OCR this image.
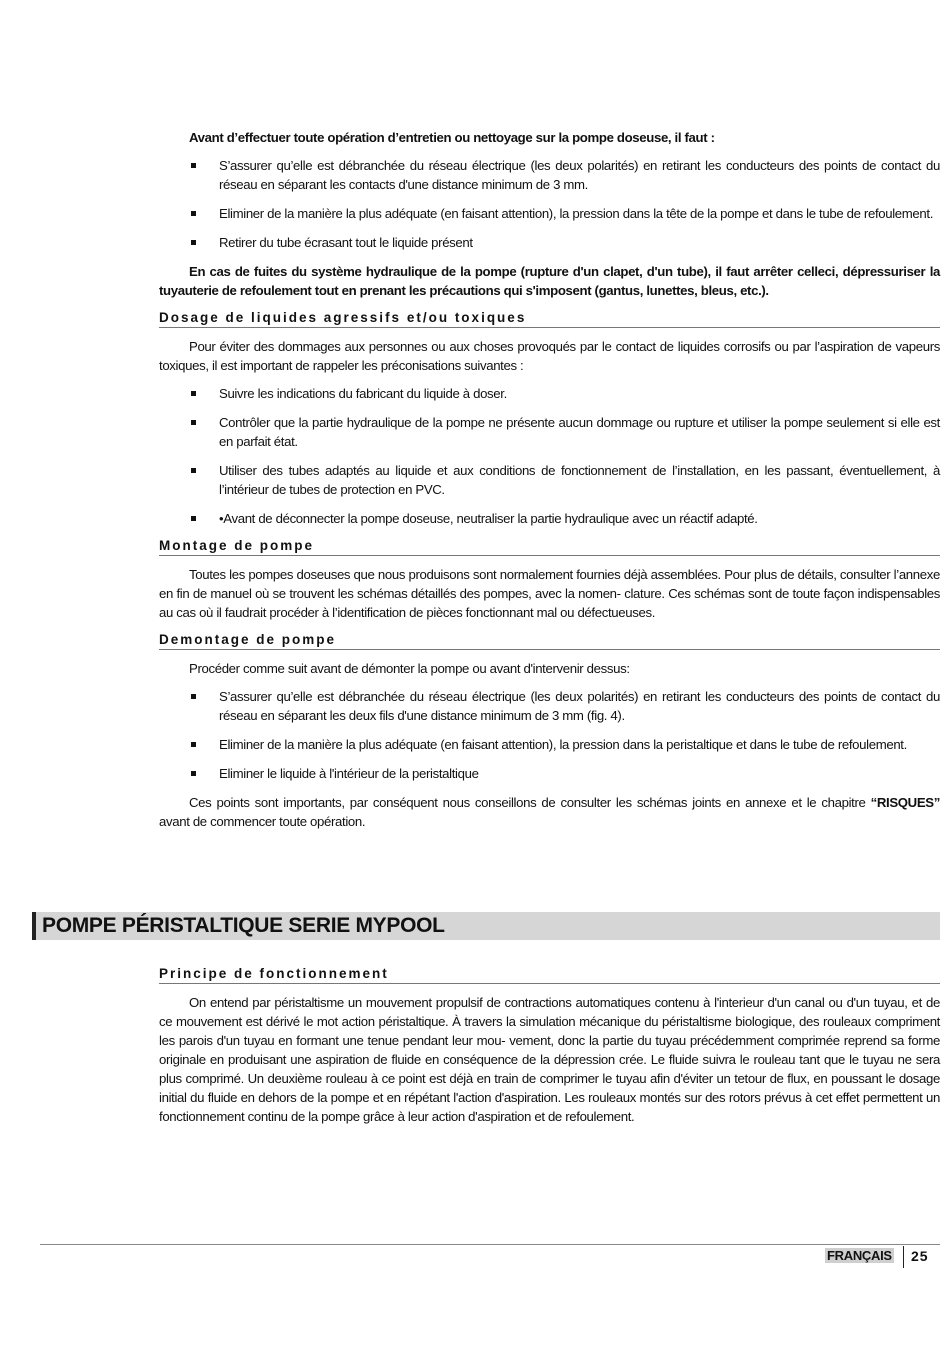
Avant d’effectuer toute opération d’entretien ou nettoyage sur la pompe doseuse, il faut :

S’assurer qu’elle est débranchée du réseau électrique (les deux polarités) en retirant les conducteurs des points de contact du réseau en séparant les contacts d'une distance minimum de 3 mm.
Eliminer de la manière la plus adéquate (en faisant attention), la pression dans la tête de la pompe et dans le tube de refoulement.
Retirer du tube écrasant tout le liquide présent

En cas de fuites du système hydraulique de la pompe (rupture d'un clapet, d'un tube), il faut arrêter celleci, dépressuriser la tuyauterie de refoulement tout en prenant les précautions qui s'imposent (gantus, lunettes, bleus, etc.).

Dosage de liquides agressifs et/ou toxiques

Pour éviter des dommages aux personnes ou aux choses provoqués par le contact de liquides corrosifs ou par l’aspiration de vapeurs toxiques, il est important de rappeler les préconisations suivantes :

Suivre les indications du fabricant du liquide à doser.
Contrôler que la partie hydraulique de la pompe ne présente aucun dommage ou rupture et utiliser la pompe seulement si elle est en parfait état.
Utiliser des tubes adaptés au liquide et aux conditions de fonctionnement de l’installation, en les passant, éventuellement, à l’intérieur de tubes de protection en PVC.
•Avant de déconnecter la pompe doseuse, neutraliser la partie hydraulique avec un réactif adapté.
Montage de pompe

Toutes les pompes doseuses que nous produisons sont normalement fournies déjà assemblées. Pour plus de détails, consulter l’annexe en fin de manuel où se trouvent les schémas détaillés des pompes, avec la nomen- clature. Ces schémas sont de toute façon indispensables au cas où il faudrait procéder à l’identification de pièces fonctionnant mal ou défectueuses.

Demontage de pompe

Procéder comme suit avant de démonter la pompe ou avant d'intervenir dessus:

S’assurer qu’elle est débranchée du réseau électrique (les deux polarités) en retirant les conducteurs des points de contact du réseau en séparant les deux fils d'une distance minimum de 3 mm (fig. 4).
Eliminer de la manière la plus adéquate (en faisant attention), la pression dans la peristaltique et dans le tube de refoulement.
Eliminer le liquide à l'intérieur de la peristaltique

Ces points sont importants, par conséquent nous conseillons de consulter les schémas joints en annexe et le chapitre “RISQUES” avant de commencer toute opération.

POMPE PÉRISTALTIQUE SERIE MYPOOL
Principe de fonctionnement

On entend par péristaltisme un mouvement propulsif de contractions automatiques contenu à l'interieur d'un canal ou d'un tuyau, et de ce mouvement est dérivé le mot action péristaltique. À travers la simulation mécanique du péristaltisme biologique, des rouleaux compriment les parois d'un tuyau en formant une tenue pendant leur mou- vement, donc la partie du tuyau précédemment comprimée reprend sa forme originale en produisant une aspiration de fluide en conséquence de la dépression crée. Le fluide suivra le rouleau tant que le tuyau ne sera plus comprimé. Un deuxième rouleau à ce point est déjà en train de comprimer le tuyau afin d'éviter un tetour de flux, en poussant le dosage initial du fluide en dehors de la pompe et en répétant l'action d'aspiration. Les rouleaux montés sur des rotors prévus à cet effet permettent un fonctionnement continu de la pompe grâce à leur action d'aspiration et de refoulement.

FRANÇAIS 25
